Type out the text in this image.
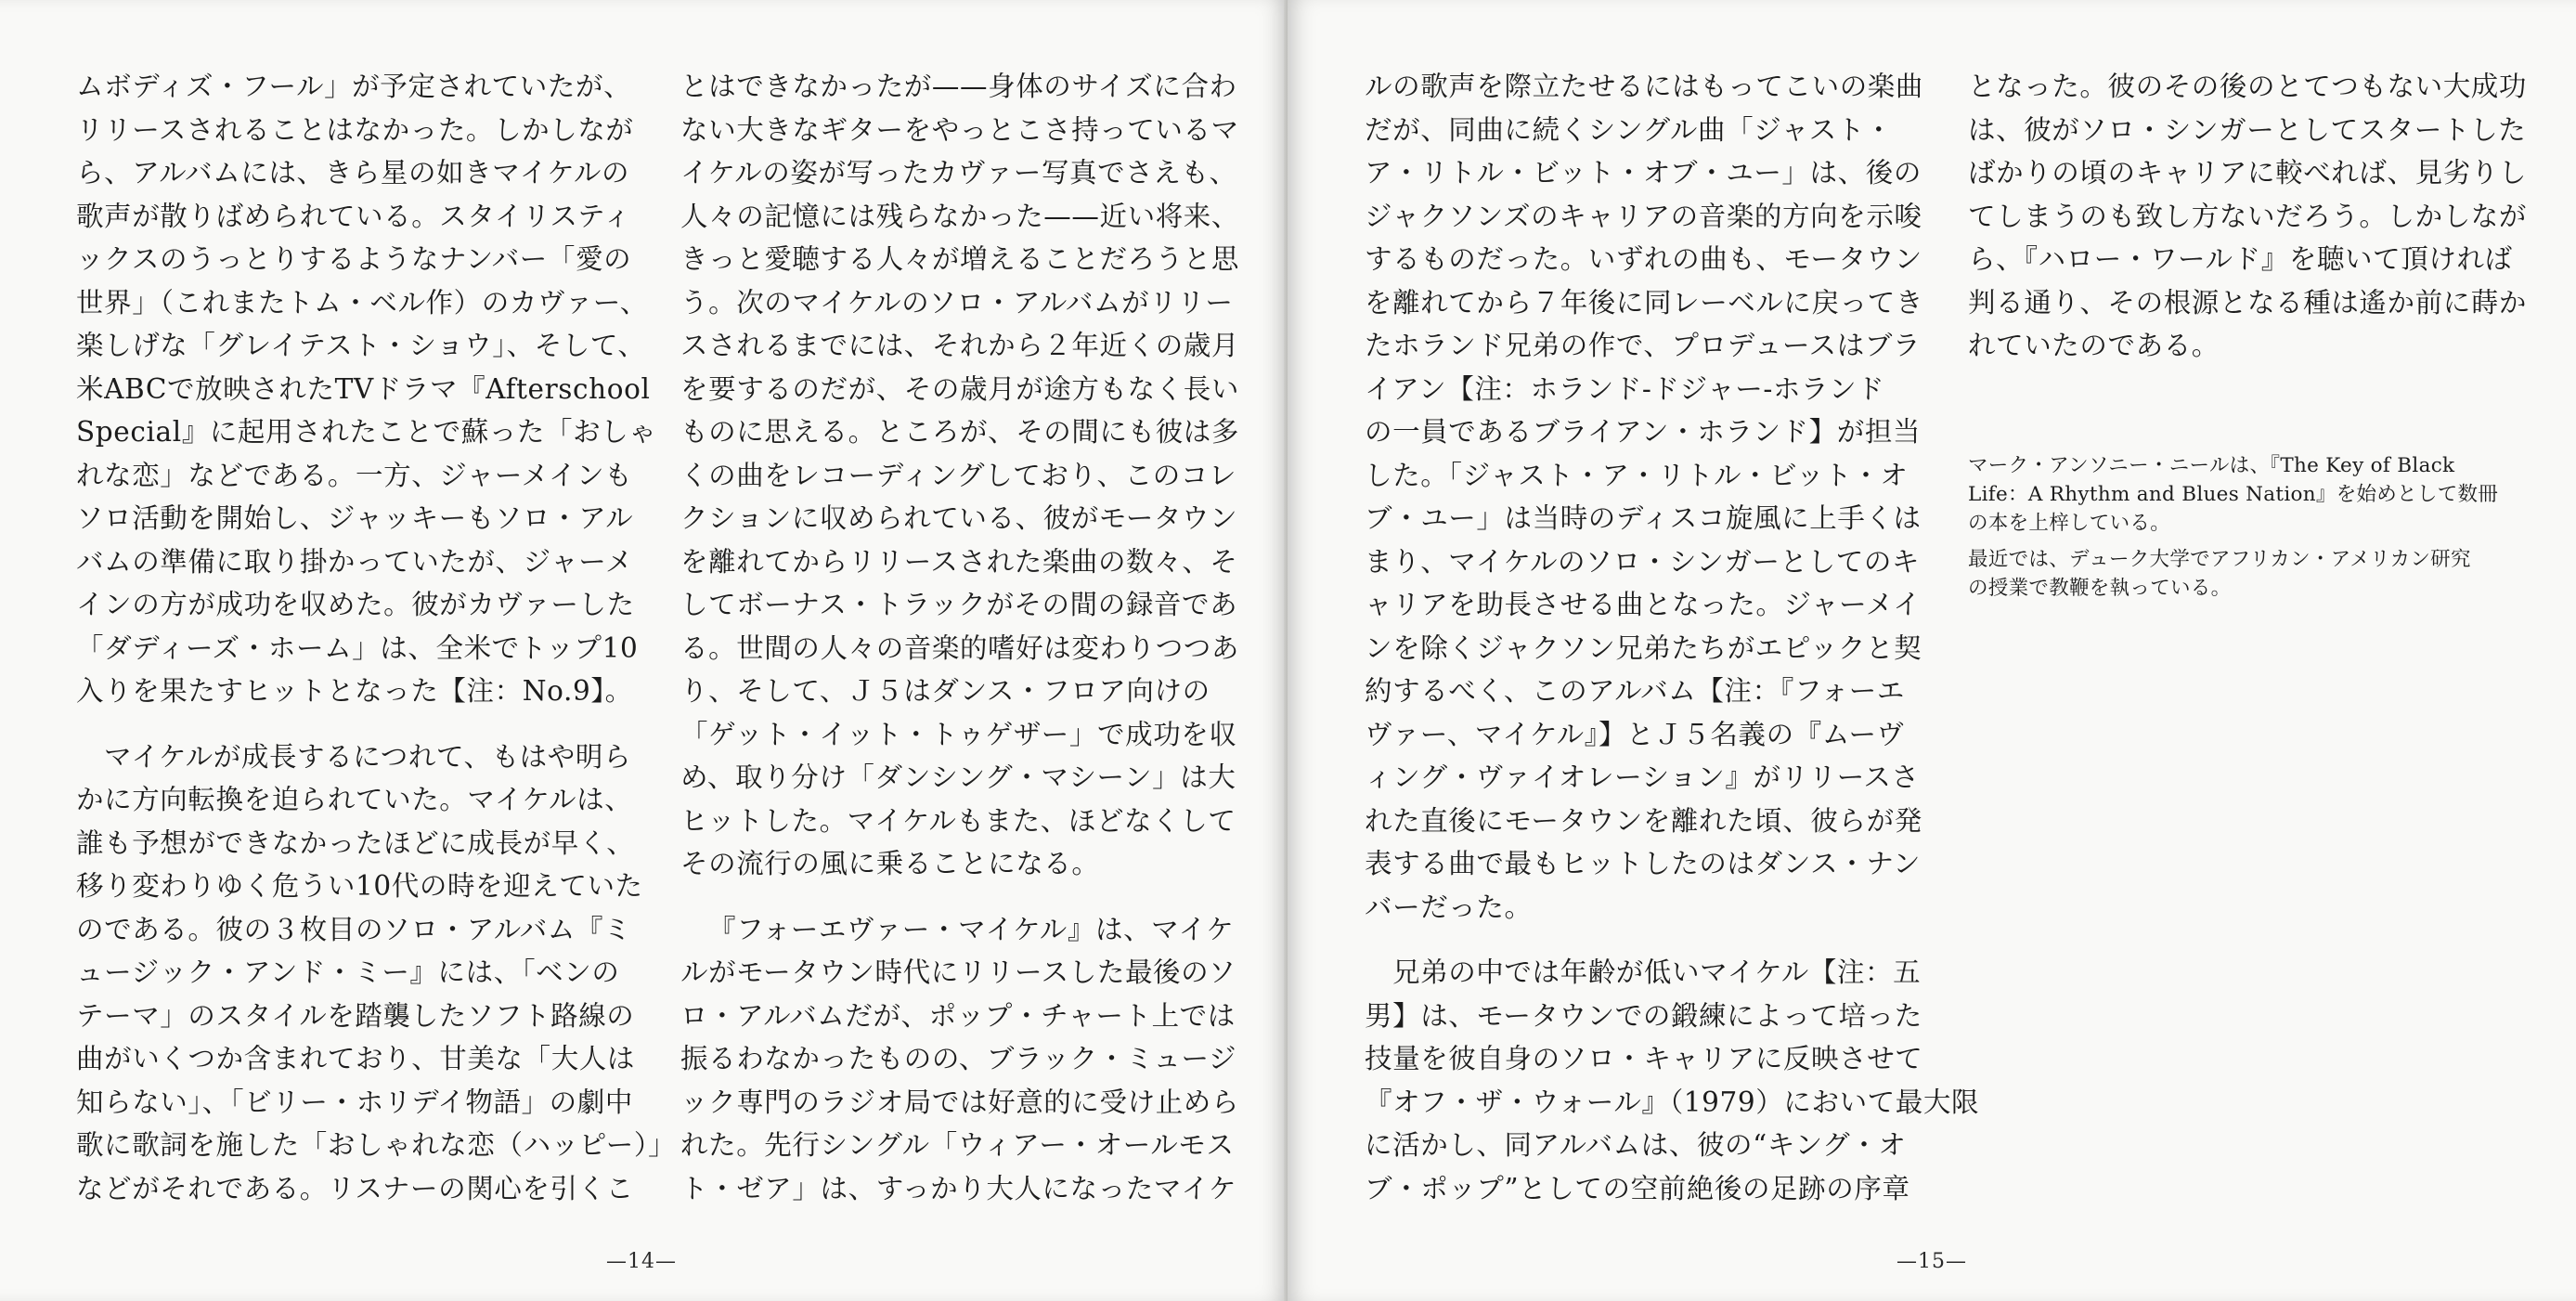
ムボディズ・フール」が予定されていたが、
リリースされることはなかった。しかしなが
ら、アルバムには、きら星の如きマイケルの
歌声が散りばめられている。スタイリスティ
ックスのうっとりするようなナンバー「愛の
世界」（これまたトム・ベル作）のカヴァー、
楽しげな「グレイテスト・ショウ」、そして、
米ABCで放映されたTVドラマ『Afterschool
Special』に起用されたことで蘇った「おしゃ
れな恋」などである。一方、ジャーメインも
ソロ活動を開始し、ジャッキーもソロ・アル
バムの準備に取り掛かっていたが、ジャーメ
インの方が成功を収めた。彼がカヴァーした
「ダディーズ・ホーム」は、全米でトップ10
入りを果たすヒットとなった【注：No.9】。
マイケルが成長するにつれて、もはや明ら
かに方向転換を迫られていた。マイケルは、
誰も予想ができなかったほどに成長が早く、
移り変わりゆく危うい10代の時を迎えていた
のである。彼の３枚目のソロ・アルバム『ミ
ュージック・アンド・ミー』には、「ベンの
テーマ」のスタイルを踏襲したソフト路線の
曲がいくつか含まれており、甘美な「大人は
知らない」、「ビリー・ホリデイ物語」の劇中
歌に歌詞を施した「おしゃれな恋（ハッピー）」
などがそれである。リスナーの関心を引くこ
とはできなかったが——身体のサイズに合わ
ない大きなギターをやっとこさ持っているマ
イケルの姿が写ったカヴァー写真でさえも、
人々の記憶には残らなかった——近い将来、
きっと愛聴する人々が増えることだろうと思
う。次のマイケルのソロ・アルバムがリリー
スされるまでには、それから２年近くの歳月
を要するのだが、その歳月が途方もなく長い
ものに思える。ところが、その間にも彼は多
くの曲をレコーディングしており、このコレ
クションに収められている、彼がモータウン
を離れてからリリースされた楽曲の数々、そ
してボーナス・トラックがその間の録音であ
る。世間の人々の音楽的嗜好は変わりつつあ
り、そして、Ｊ５はダンス・フロア向けの
「ゲット・イット・トゥゲザー」で成功を収
め、取り分け「ダンシング・マシーン」は大
ヒットした。マイケルもまた、ほどなくして
その流行の風に乗ることになる。
『フォーエヴァー・マイケル』は、マイケ
ルがモータウン時代にリリースした最後のソ
ロ・アルバムだが、ポップ・チャート上では
振るわなかったものの、ブラック・ミュージ
ック専門のラジオ局では好意的に受け止めら
れた。先行シングル「ウィアー・オールモス
ト・ゼア」は、すっかり大人になったマイケ
—14—
ルの歌声を際立たせるにはもってこいの楽曲
だが、同曲に続くシングル曲「ジャスト・
ア・リトル・ビット・オブ・ユー」は、後の
ジャクソンズのキャリアの音楽的方向を示唆
するものだった。いずれの曲も、モータウン
を離れてから７年後に同レーベルに戻ってき
たホランド兄弟の作で、プロデュースはブラ
イアン【注：ホランド-ドジャー-ホランド
の一員であるブライアン・ホランド】が担当
した。「ジャスト・ア・リトル・ビット・オ
ブ・ユー」は当時のディスコ旋風に上手くは
まり、マイケルのソロ・シンガーとしてのキ
ャリアを助長させる曲となった。ジャーメイ
ンを除くジャクソン兄弟たちがエピックと契
約するべく、このアルバム【注：『フォーエ
ヴァー、マイケル』】とＪ５名義の『ムーヴ
ィング・ヴァイオレーション』がリリースさ
れた直後にモータウンを離れた頃、彼らが発
表する曲で最もヒットしたのはダンス・ナン
バーだった。
兄弟の中では年齢が低いマイケル【注：五
男】は、モータウンでの鍛練によって培った
技量を彼自身のソロ・キャリアに反映させて
『オフ・ザ・ウォール』（1979）において最大限
に活かし、同アルバムは、彼の“キング・オ
ブ・ポップ”としての空前絶後の足跡の序章
となった。彼のその後のとてつもない大成功
は、彼がソロ・シンガーとしてスタートした
ばかりの頃のキャリアに較べれば、見劣りし
てしまうのも致し方ないだろう。しかしなが
ら、『ハロー・ワールド』を聴いて頂ければ
判る通り、その根源となる種は遙か前に蒔か
れていたのである。
—15—
マーク・アンソニー・ニールは、『The Key of Black
Life：A Rhythm and Blues Nation』を始めとして数冊
の本を上梓している。
最近では、デューク大学でアフリカン・アメリカン研究
の授業で教鞭を執っている。
